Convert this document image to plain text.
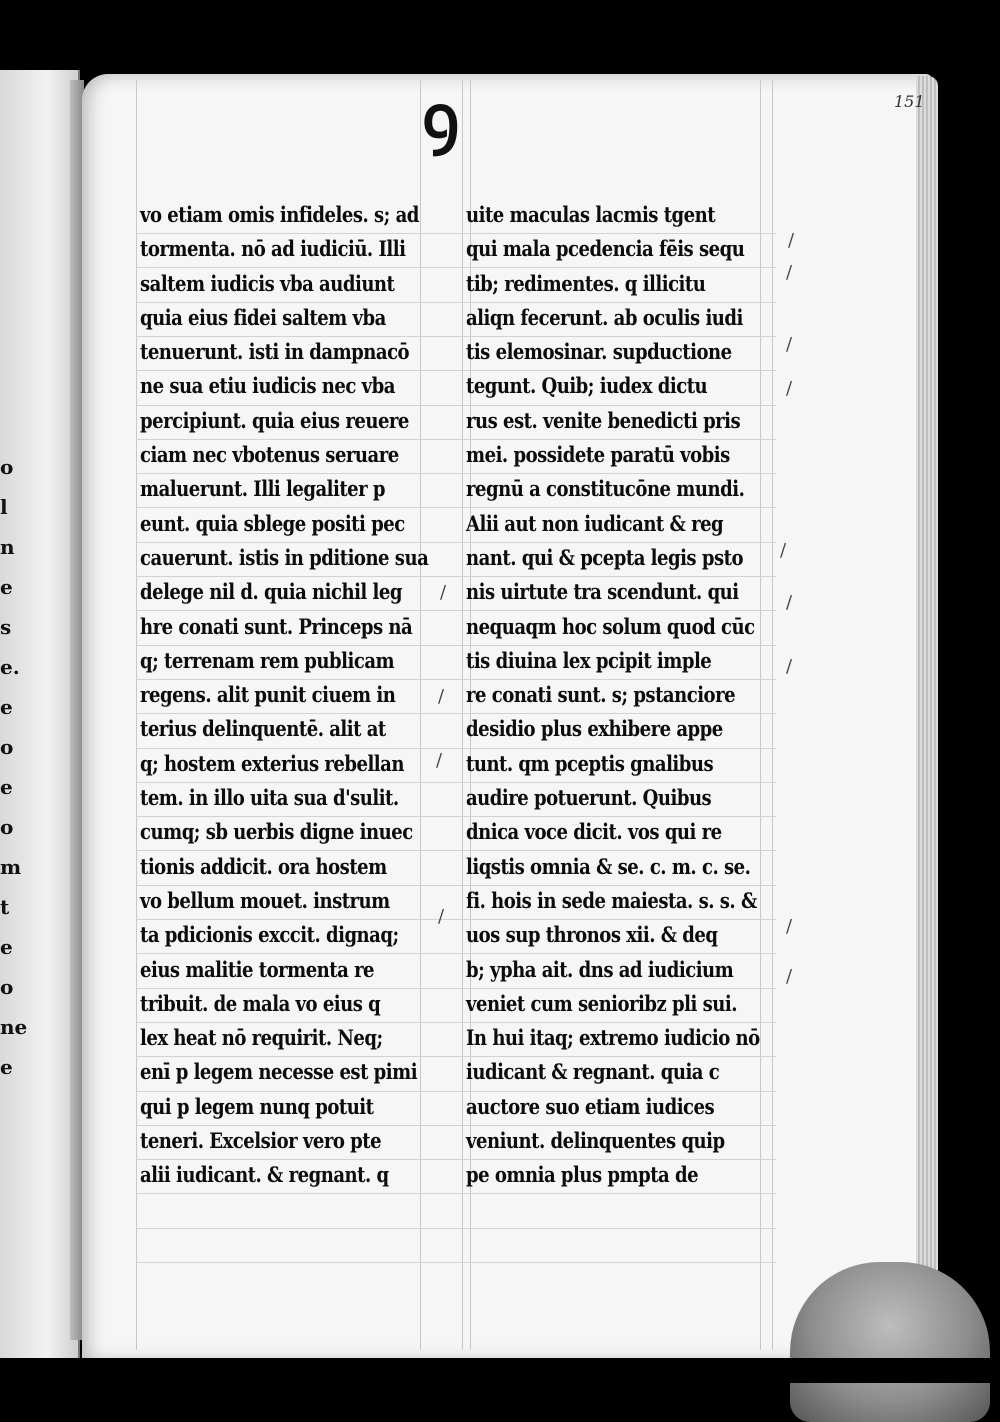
o
l
n
e
s
e.
e
o
e
o
m
t
e
o
ne
e
151
ꝯ
vo etiam omis infideles. s; ad
tormenta. nō ad iudiciū. Illi
saltem iudicis vba audiunt
quia eius fidei saltem vba
tenuerunt. isti in dampnacō
ne sua etiu iudicis nec vba
percipiunt. quia eius reuere
ciam nec vbotenus seruare
maluerunt. Illi legaliter p
eunt. quia sblege positi pec
cauerunt. istis in pditione sua
delege nil d. quia nichil leg
hre conati sunt. Princeps nā
q; terrenam rem publicam
regens. alit punit ciuem in
terius delinquentē. alit at
q; hostem exterius rebellan
tem. in illo uita sua d'sulit.
cumq; sb uerbis digne inuec
tionis addicit. ora hostem
vo bellum mouet. instrum
ta pdicionis exccit. dignaq;
eius malitie tormenta re
tribuit. de mala vo eius q
lex heat nō requirit. Neq;
enī p legem necesse est pimi
qui p legem nunq potuit
teneri. Excelsior vero pte
alii iudicant. & regnant. q
uite maculas lacmis tgent
qui mala pcedencia fēis sequ
tib; redimentes. q illicitu
aliqn fecerunt. ab oculis iudi
tis elemosinar. supductione
tegunt. Quib; iudex dictu
rus est. venite benedicti pris
mei. possidete paratū vobis
regnū a constitucōne mundi.
Alii aut non iudicant & reg
nant. qui & pcepta legis psto
nis uirtute tra scendunt. qui
nequaqm hoc solum quod cūc
tis diuina lex pcipit imple
re conati sunt. s; pstanciore
desidio plus exhibere appe
tunt. qm pceptis gnalibus
audire potuerunt. Quibus
dnica voce dicit. vos qui re
liqstis omnia & se. c. m. c. se.
fi. hois in sede maiesta. s. s. &
uos sup thronos xii. & deq
b; ypha ait. dns ad iudicium
veniet cum senioribz pli sui.
In hui itaq; extremo iudicio nō
iudicant & regnant. quia c
auctore suo etiam iudices
veniunt. delinquentes quip
pe omnia plus pmpta de
/
/
/
/
/
/
/
/
/
/
/
/
/
